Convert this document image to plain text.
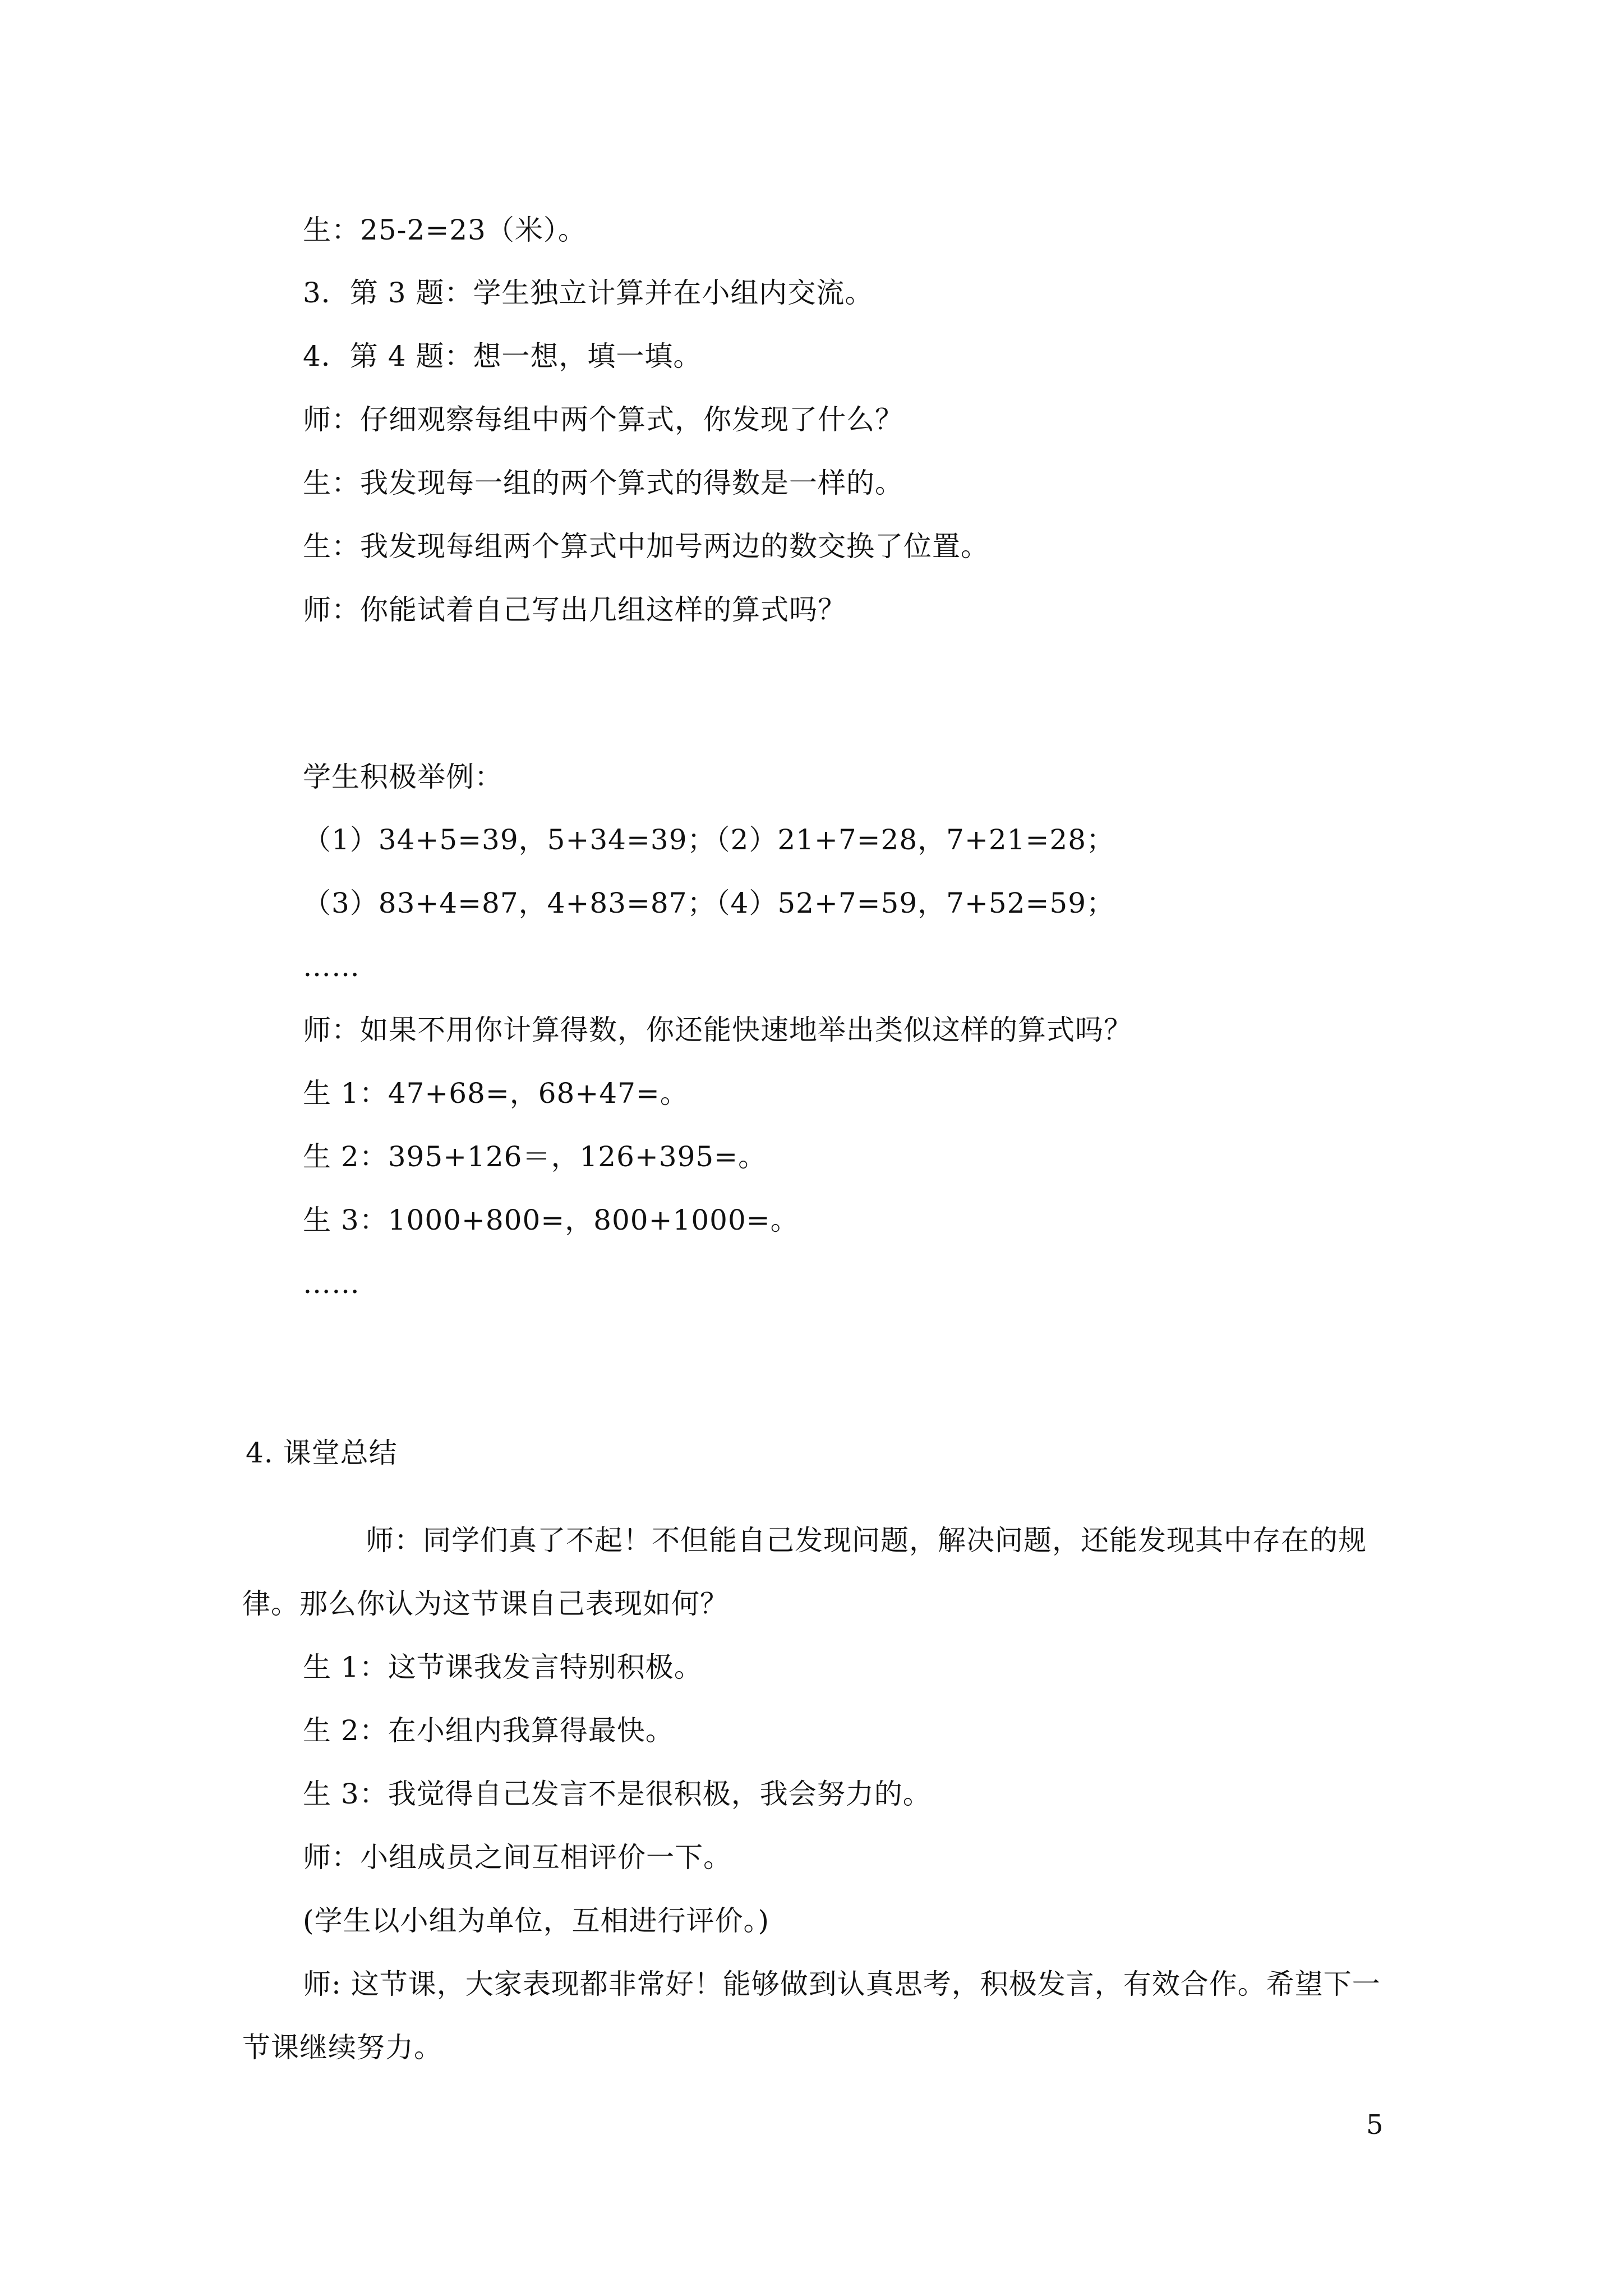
生：25-2=23（米）。
3．第 3 题：学生独立计算并在小组内交流。
4．第 4 题：想一想，填一填。
师：仔细观察每组中两个算式，你发现了什么？
生：我发现每一组的两个算式的得数是一样的。
生：我发现每组两个算式中加号两边的数交换了位置。
师：你能试着自己写出几组这样的算式吗？
学生积极举例：
（1）34+5=39，5+34=39；（2）21+7=28，7+21=28；
（3）83+4=87，4+83=87；（4）52+7=59，7+52=59；
……
师：如果不用你计算得数，你还能快速地举出类似这样的算式吗？
生 1：47+68=，68+47=。
生 2：395+126＝，126+395=。
生 3：1000+800=，800+1000=。
……
4. 课堂总结
师：同学们真了不起！不但能自己发现问题，解决问题，还能发现其中存在的规
律。那么你认为这节课自己表现如何？
生 1：这节课我发言特别积极。
生 2：在小组内我算得最快。
生 3：我觉得自己发言不是很积极，我会努力的。
师：小组成员之间互相评价一下。
(学生以小组为单位，互相进行评价。)
师: 这节课，大家表现都非常好！能够做到认真思考，积极发言，有效合作。希望下一
节课继续努力。
5
